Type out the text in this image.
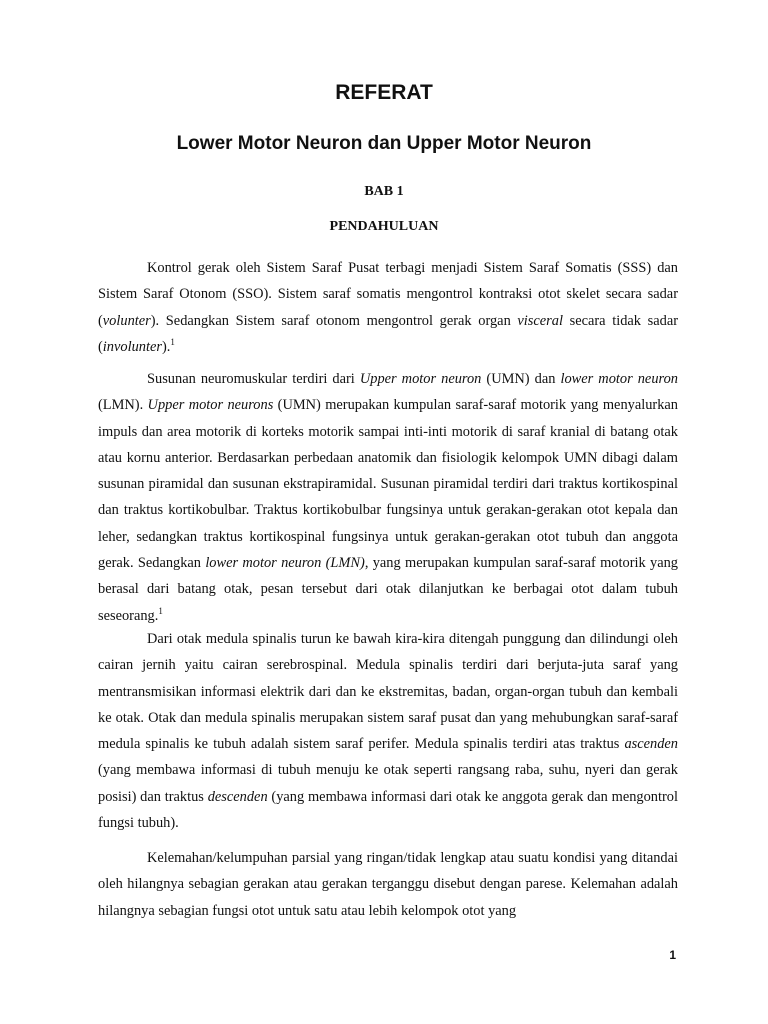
REFERAT
Lower Motor Neuron dan Upper Motor Neuron
BAB 1
PENDAHULUAN

Kontrol gerak oleh Sistem Saraf Pusat terbagi menjadi Sistem Saraf Somatis (SSS) dan Sistem Saraf Otonom (SSO). Sistem saraf somatis mengontrol kontraksi otot skelet secara sadar (volunter). Sedangkan Sistem saraf otonom mengontrol gerak organ visceral secara tidak sadar (involunter).$^1$

Susunan neuromuskular terdiri dari Upper motor neuron (UMN) dan lower motor neuron (LMN). Upper motor neurons (UMN) merupakan kumpulan saraf-saraf motorik yang menyalurkan impuls dan area motorik di korteks motorik sampai inti-inti motorik di saraf kranial di batang otak atau kornu anterior. Berdasarkan perbedaan anatomik dan fisiologik kelompok UMN dibagi dalam susunan piramidal dan susunan ekstrapiramidal. Susunan piramidal terdiri dari traktus kortikospinal dan traktus kortikobulbar. Traktus kortikobulbar fungsinya untuk gerakan-gerakan otot kepala dan leher, sedangkan traktus kortikospinal fungsinya untuk gerakan-gerakan otot tubuh dan anggota gerak. Sedangkan lower motor neuron (LMN), yang merupakan kumpulan saraf-saraf motorik yang berasal dari batang otak, pesan tersebut dari otak dilanjutkan ke berbagai otot dalam tubuh seseorang.$^1$

Dari otak medula spinalis turun ke bawah kira-kira ditengah punggung dan dilindungi oleh cairan jernih yaitu cairan serebrospinal. Medula spinalis terdiri dari berjuta-juta saraf yang mentransmisikan informasi elektrik dari dan ke ekstremitas, badan, organ-organ tubuh dan kembali ke otak. Otak dan medula spinalis merupakan sistem saraf pusat dan yang mehubungkan saraf-saraf medula spinalis ke tubuh adalah sistem saraf perifer. Medula spinalis terdiri atas traktus ascenden (yang membawa informasi di tubuh menuju ke otak seperti rangsang raba, suhu, nyeri dan gerak posisi) dan traktus descenden (yang membawa informasi dari otak ke anggota gerak dan mengontrol fungsi tubuh).

Kelemahan/kelumpuhan parsial yang ringan/tidak lengkap atau suatu kondisi yang ditandai oleh hilangnya sebagian gerakan atau gerakan terganggu disebut dengan parese. Kelemahan adalah hilangnya sebagian fungsi otot untuk satu atau lebih kelompok otot yang

1
